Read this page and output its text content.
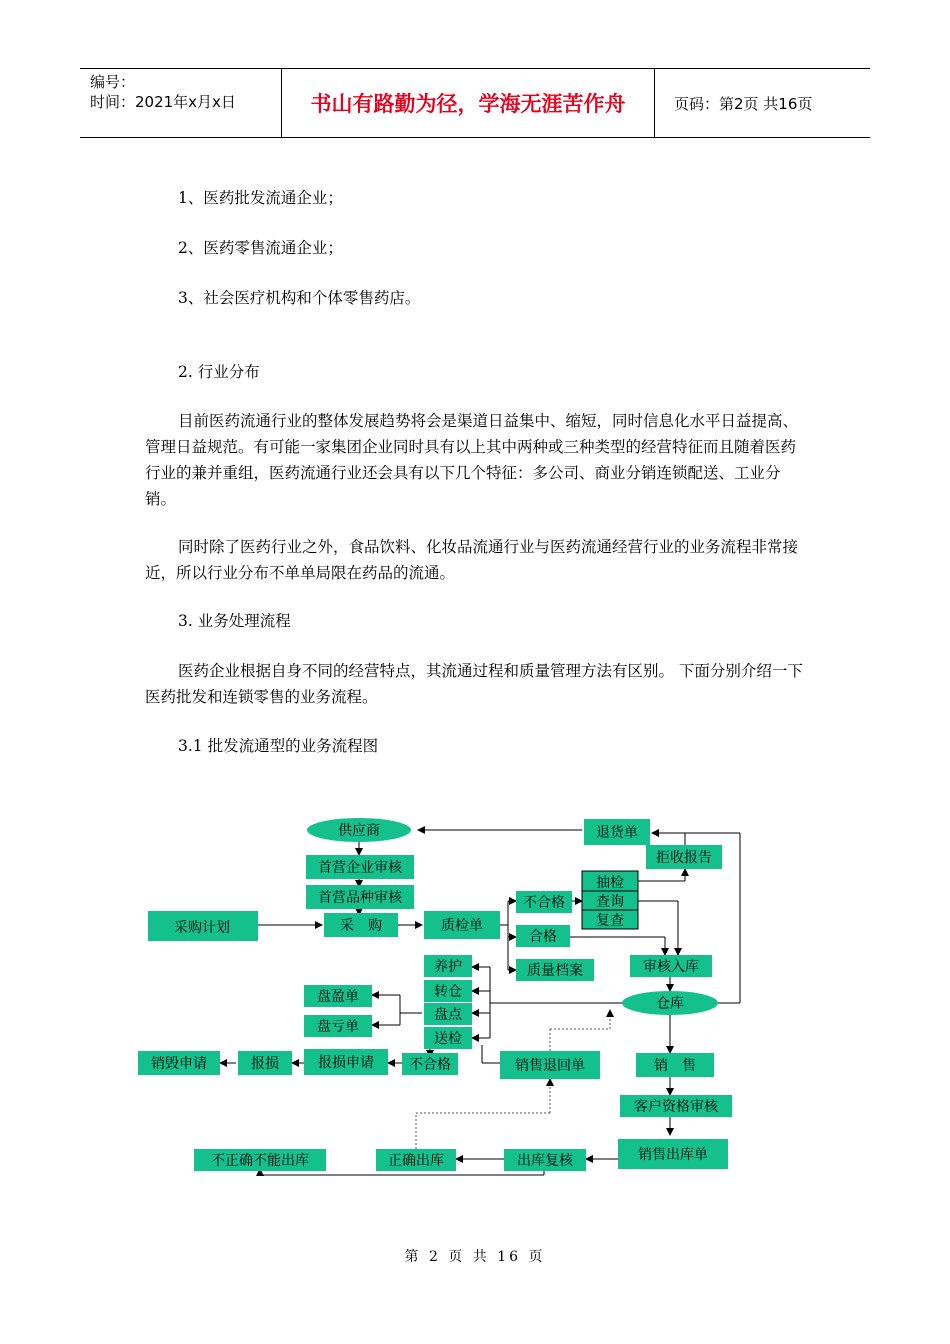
编号：
时间：2021年x月x日	书山有路勤为径，学海无涯苦作舟	页码：第2页 共16页
1、医药批发流通企业；
2、医药零售流通企业；
3、社会医疗机构和个体零售药店。
2. 行业分布
目前医药流通行业的整体发展趋势将会是渠道日益集中、缩短，同时信息化水平日益提高、管理日益规范。有可能一家集团企业同时具有以上其中两种或三种类型的经营特征而且随着医药行业的兼并重组，医药流通行业还会具有以下几个特征：多公司、商业分销连锁配送、工业分销。
同时除了医药行业之外，食品饮料、化妆品流通行业与医药流通经营行业的业务流程非常接近，所以行业分布不单单局限在药品的流通。
3. 业务处理流程
医药企业根据自身不同的经营特点，其流通过程和质量管理方法有区别。 下面分别介绍一下医药批发和连锁零售的业务流程。
3.1 批发流通型的业务流程图
供应商	退货单
拒收报告
首营企业审核
首营品种审核
抽检
查询
复查
采购计划	采　购	质检单
不合格
合格
质量档案
养护
转仓
审核入库
盘盈单
盘点
仓库
盘亏单
送检
销毁申请	报损	报损申请	不合格	销售退回单	销　售
客户资格审核
不正确不能出库	正确出库	出库复核	销售出库单
第 2 页 共 16 页
